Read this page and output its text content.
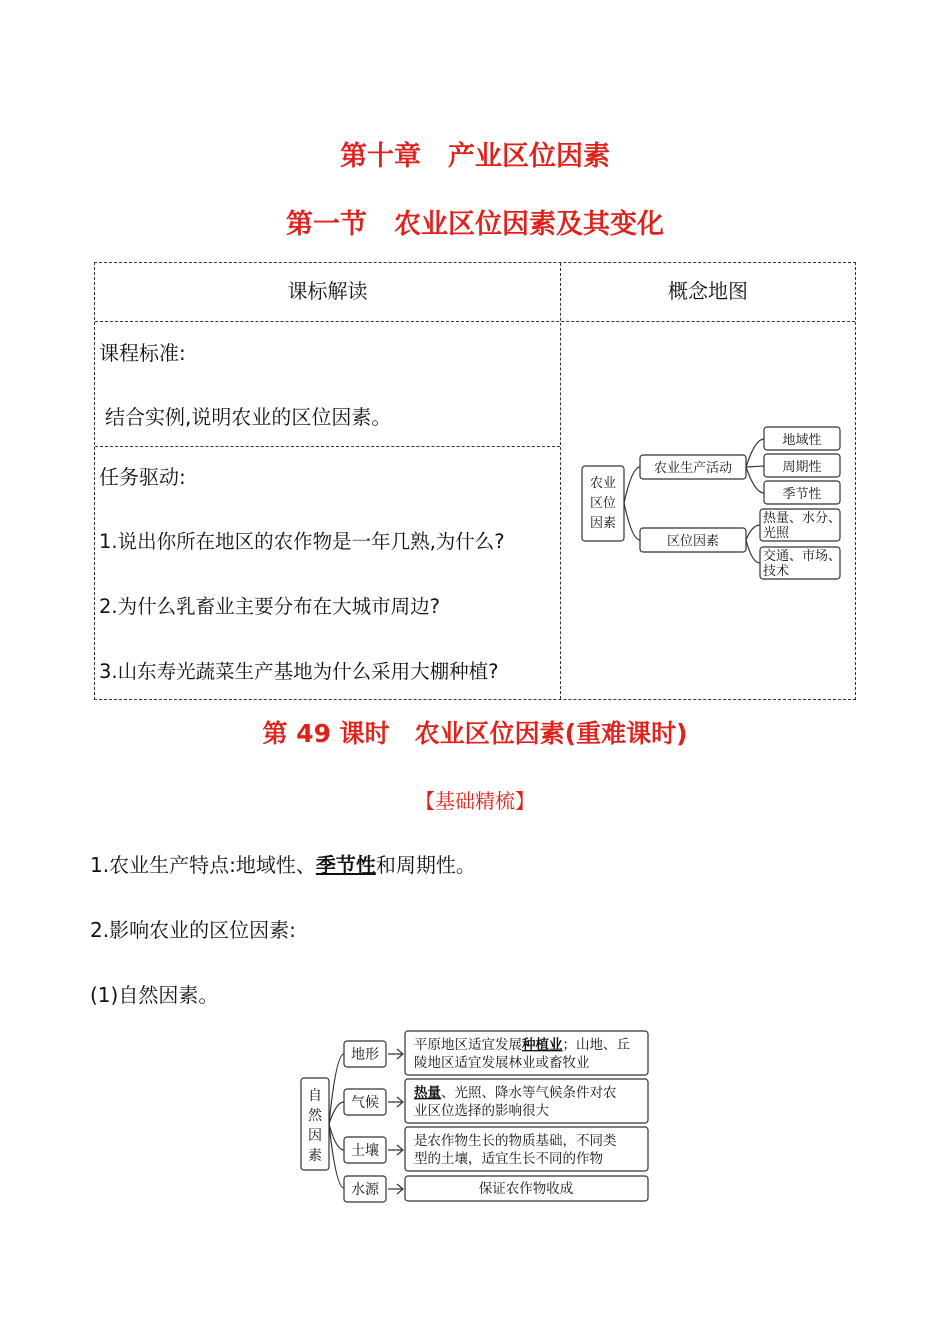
第十章　产业区位因素
第一节　农业区位因素及其变化
课标解读	概念地图
课程标准:
结合实例,说明农业的区位因素。
任务驱动:
1.说出你所在地区的农作物是一年几熟,为什么?
2.为什么乳畜业主要分布在大城市周边?
3.山东寿光蔬菜生产基地为什么采用大棚种植?
农业
区位
因素
农业生产活动
区位因素
地域性
周期性
季节性
热量、水分、
光照
交通、市场、
技术
第 49 课时　农业区位因素(重难课时)
【基础精梳】
1.农业生产特点:地域性、季节性和周期性。
2.影响农业的区位因素:
(1)自然因素。
自
然
因
素
地形
气候
土壤
水源
平原地区适宜发展种植业；山地、丘
陵地区适宜发展林业或畜牧业
热量、光照、降水等气候条件对农
业区位选择的影响很大
是农作物生长的物质基础，不同类
型的土壤，适宜生长不同的作物
保证农作物收成
